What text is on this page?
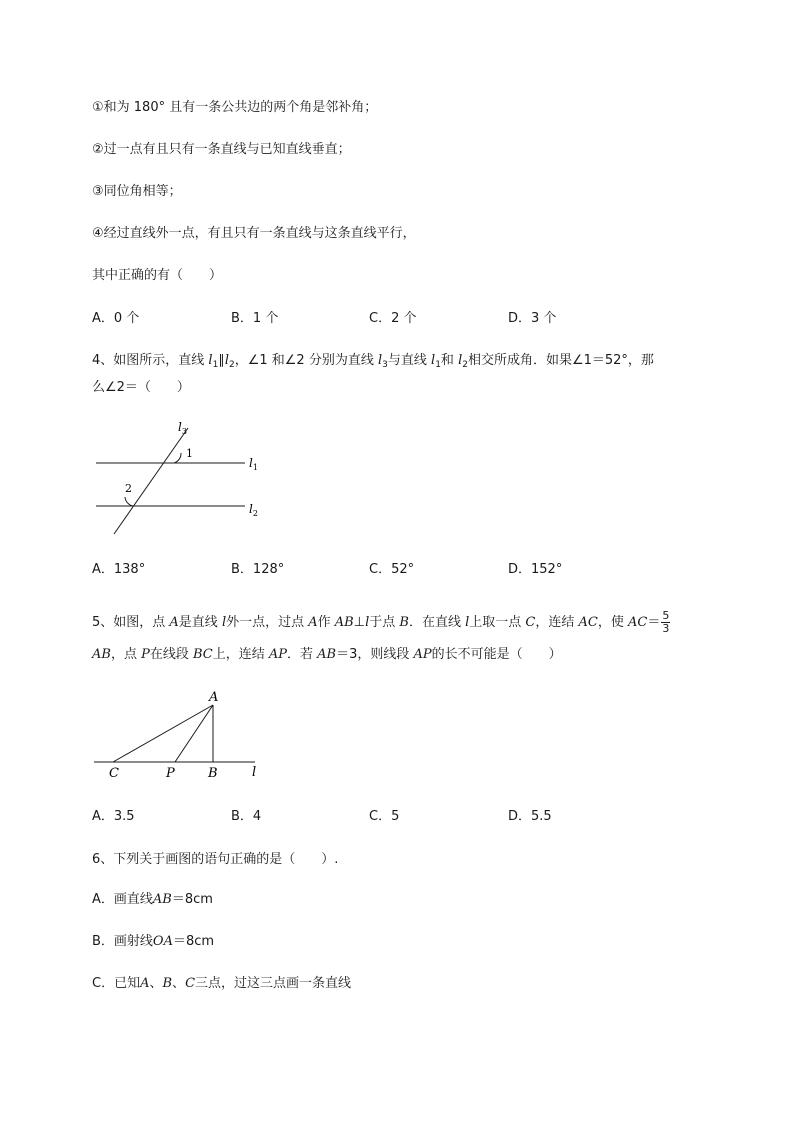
①和为 180° 且有一条公共边的两个角是邻补角；
②过一点有且只有一条直线与已知直线垂直；
③同位角相等；
④经过直线外一点，有且只有一条直线与这条直线平行，
其中正确的有（　　）
A．0 个	B．1 个	C．2 个	D．3 个
4、如图所示，直线 $l_1\parallel l_2$，∠1 和∠2 分别为直线 $l_3$与直线 $l_1$和 $l_2$相交所成角．如果∠1＝52°，那
么∠2＝（　　）
$l_3$
1
$l_1$
2
$l_2$
A
C	P	B	l
A．138°	B．128°	C．52°	D．152°
5、如图，点 A是直线 l外一点，过点 A作 AB⊥l于点 B．在直线 l上取一点 C，连结 AC，使 $AC= \frac{5}{3}$
AB，点 P在线段 BC上，连结 AP．若 AB＝3，则线段 AP的长不可能是（　　）
A．3.5	B．4	C．5	D．5.5
6、下列关于画图的语句正确的是（　　）.
A．画直线AB＝8cm
B．画射线OA＝8cm
C．已知A、B、C三点，过这三点画一条直线
